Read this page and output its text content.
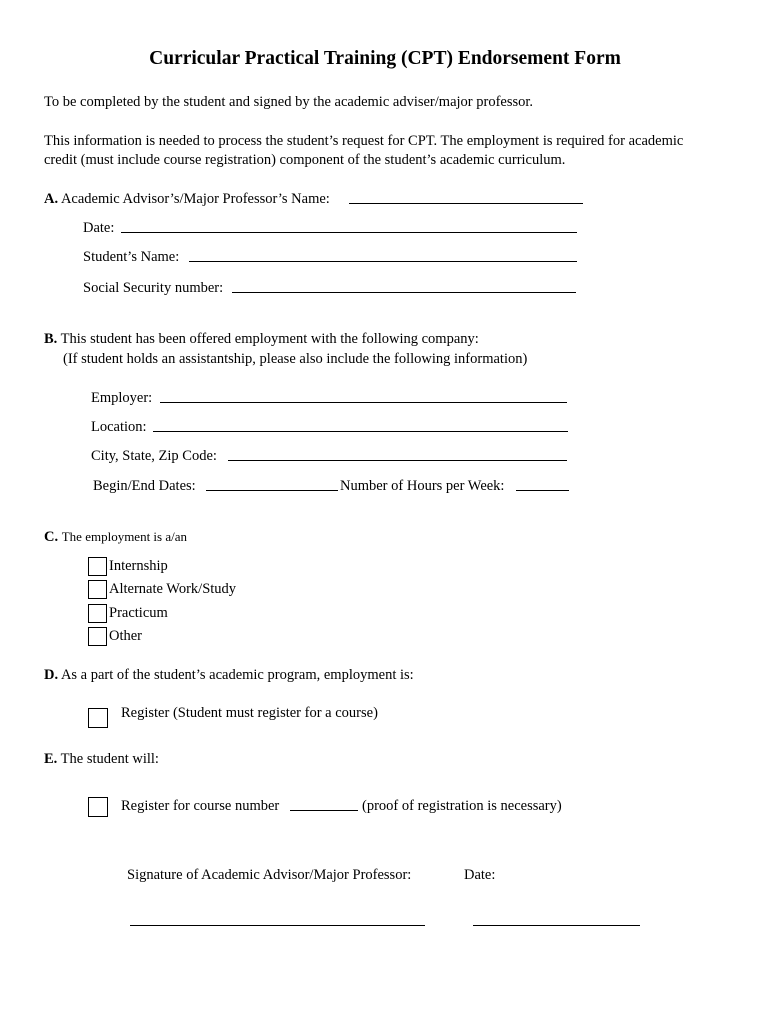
Curricular Practical Training (CPT) Endorsement Form
To be completed by the student and signed by the academic adviser/major professor.
This information is needed to process the student’s request for CPT. The employment is required for academic
credit (must include course registration) component of the student’s academic curriculum.
A. Academic Advisor’s/Major Professor’s Name:
Date:
Student’s Name:
Social Security number:
B. This student has been offered employment with the following company:
(If student holds an assistantship, please also include the following information)
Employer:
Location:
City, State, Zip Code:
Begin/End Dates:	Number of Hours per Week:
C. The employment is a/an
Internship
Alternate Work/Study
Practicum
Other
D. As a part of the student’s academic program, employment is:
Register (Student must register for a course)
E. The student will:
Register for course number	(proof of registration is necessary)
Signature of Academic Advisor/Major Professor:	Date:
